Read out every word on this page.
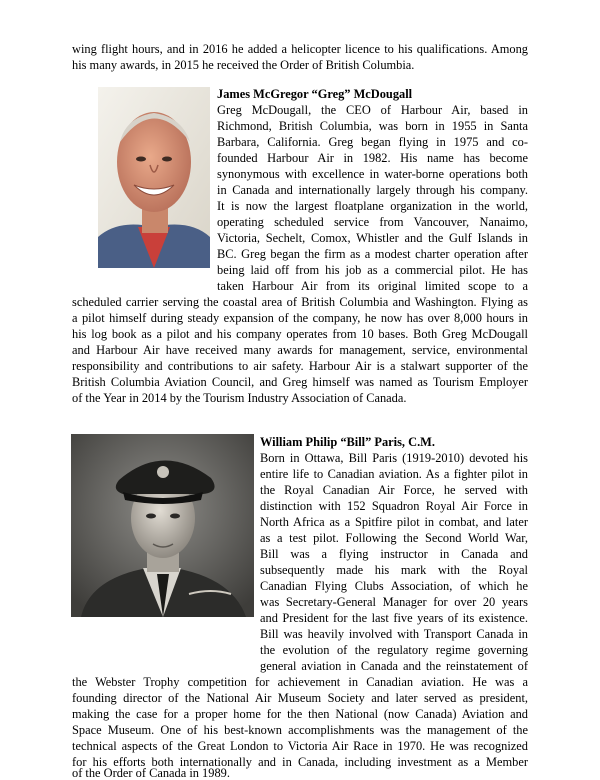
wing flight hours, and in 2016 he added a helicopter licence to his qualifications. Among
his many awards, in 2015 he received the Order of British Columbia.
James McGregor “Greg” McDougall
Greg McDougall, the CEO of Harbour Air, based in
Richmond, British Columbia, was born in 1955 in Santa
Barbara, California. Greg began flying in 1975 and co-
founded Harbour Air in 1982. His name has become
synonymous with excellence in water-borne operations both
in Canada and internationally largely through his company.
It is now the largest floatplane organization in the world,
operating scheduled service from Vancouver, Nanaimo,
Victoria, Sechelt, Comox, Whistler and the Gulf Islands in
BC. Greg began the firm as a modest charter operation after
being laid off from his job as a commercial pilot. He has
taken Harbour Air from its original limited scope to a
scheduled carrier serving the coastal area of British Columbia and Washington. Flying as
a pilot himself during steady expansion of the company, he now has over 8,000 hours in
his log book as a pilot and his company operates from 10 bases. Both Greg McDougall
and Harbour Air have received many awards for management, service, environmental
responsibility and contributions to air safety. Harbour Air is a stalwart supporter of the
British Columbia Aviation Council, and Greg himself was named as Tourism Employer
of the Year in 2014 by the Tourism Industry Association of Canada.
William Philip “Bill” Paris, C.M.
Born in Ottawa, Bill Paris (1919-2010) devoted his
entire life to Canadian aviation. As a fighter pilot in
the Royal Canadian Air Force, he served with
distinction with 152 Squadron Royal Air Force in
North Africa as a Spitfire pilot in combat, and later
as a test pilot. Following the Second World War,
Bill was a flying instructor in Canada and
subsequently made his mark with the Royal
Canadian Flying Clubs Association, of which he
was Secretary-General Manager for over 20 years
and President for the last five years of its existence.
Bill was heavily involved with Transport Canada in
the evolution of the regulatory regime governing
general aviation in Canada and the reinstatement of
the Webster Trophy competition for achievement in Canadian aviation. He was a
founding director of the National Air Museum Society and later served as president,
making the case for a proper home for the then National (now Canada) Aviation and
Space Museum. One of his best-known accomplishments was the management of the
technical aspects of the Great London to Victoria Air Race in 1970. He was recognized
for his efforts both internationally and in Canada, including investment as a Member
of the Order of Canada in 1989.
